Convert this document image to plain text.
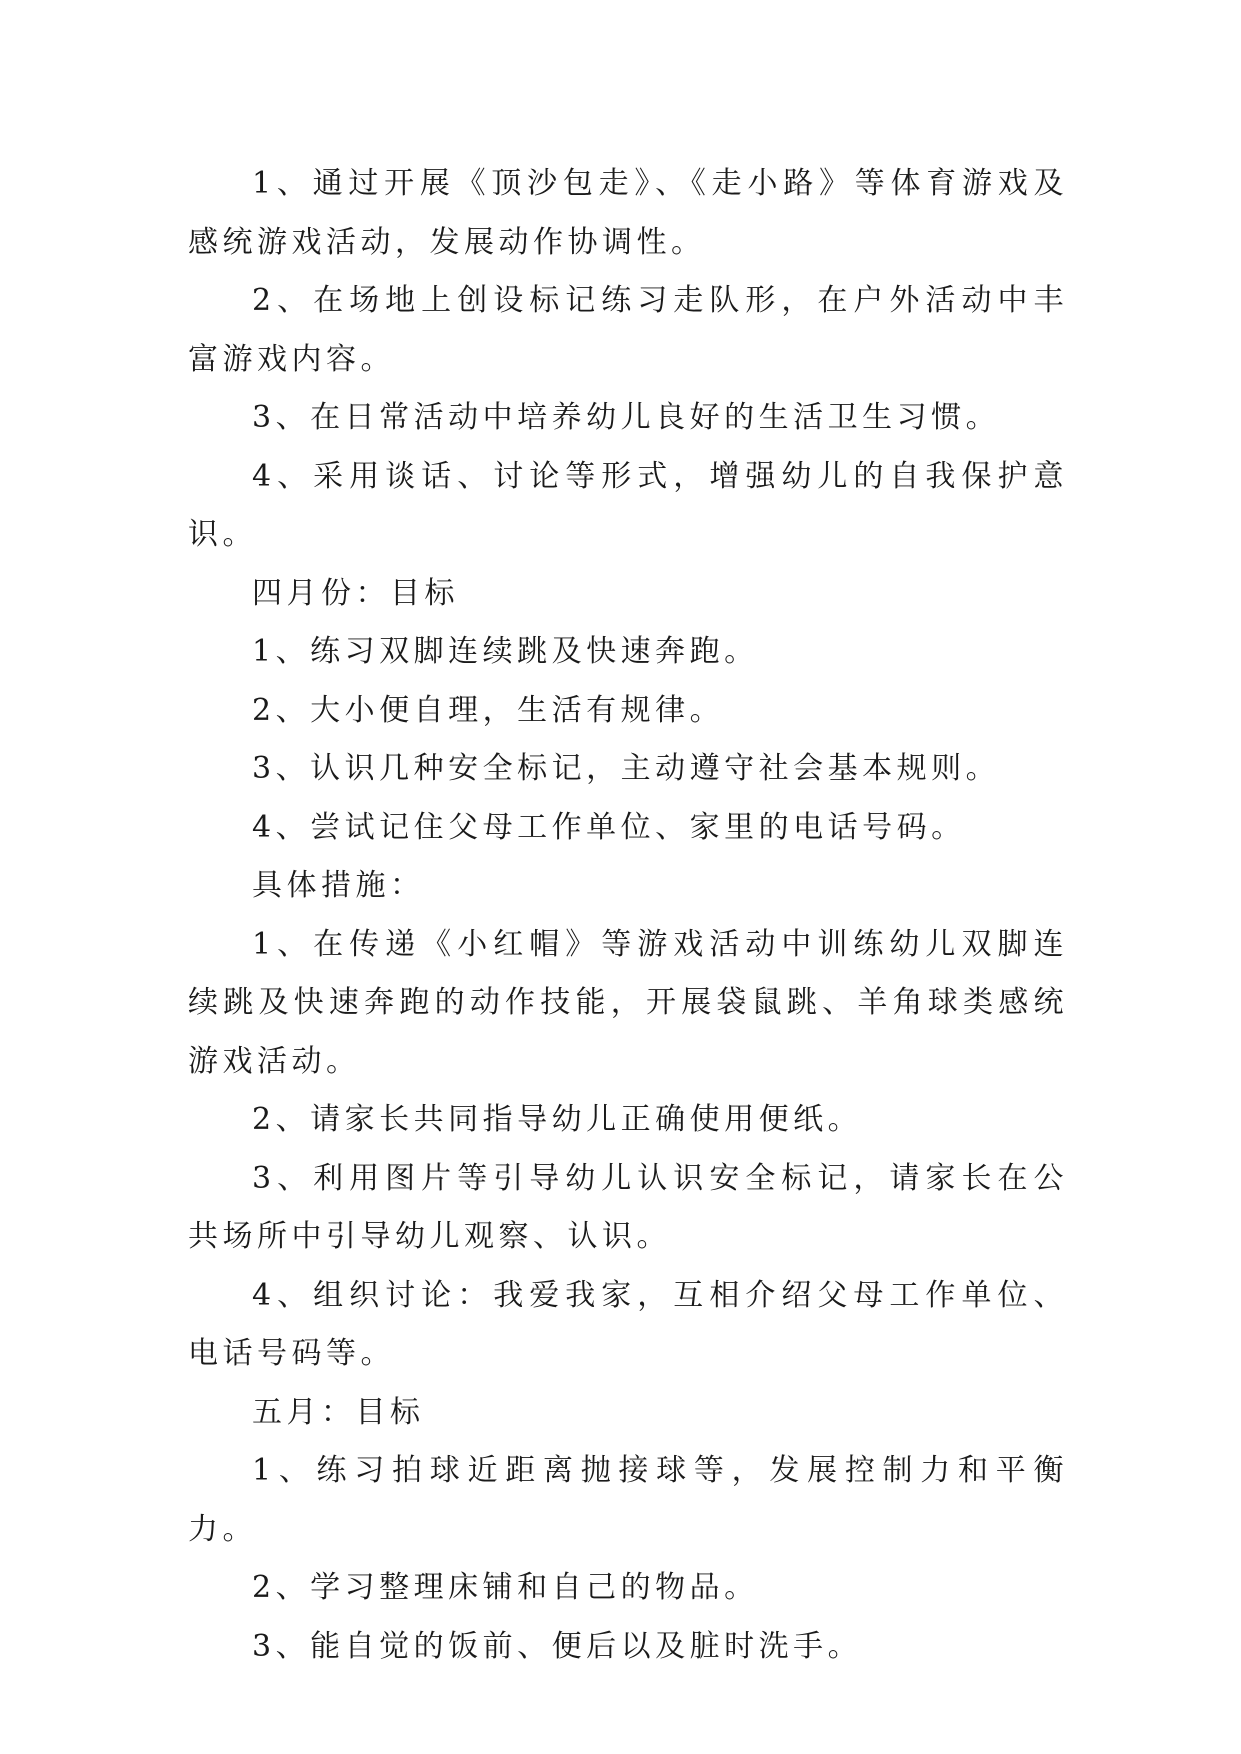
1、通过开展《顶沙包走》、《走小路》等体育游戏及感统游戏活动，发展动作协调性。

2、在场地上创设标记练习走队形，在户外活动中丰富游戏内容。

3、在日常活动中培养幼儿良好的生活卫生习惯。

4、采用谈话、讨论等形式，增强幼儿的自我保护意识。

四月份：目标

1、练习双脚连续跳及快速奔跑。

2、大小便自理，生活有规律。

3、认识几种安全标记，主动遵守社会基本规则。

4、尝试记住父母工作单位、家里的电话号码。

具体措施：

1、在传递《小红帽》等游戏活动中训练幼儿双脚连续跳及快速奔跑的动作技能，开展袋鼠跳、羊角球类感统游戏活动。

2、请家长共同指导幼儿正确使用便纸。

3、利用图片等引导幼儿认识安全标记，请家长在公共场所中引导幼儿观察、认识。

4、组织讨论：我爱我家，互相介绍父母工作单位、电话号码等。

五月：目标

1、练习拍球近距离抛接球等，发展控制力和平衡力。

2、学习整理床铺和自己的物品。

3、能自觉的饭前、便后以及脏时洗手。
